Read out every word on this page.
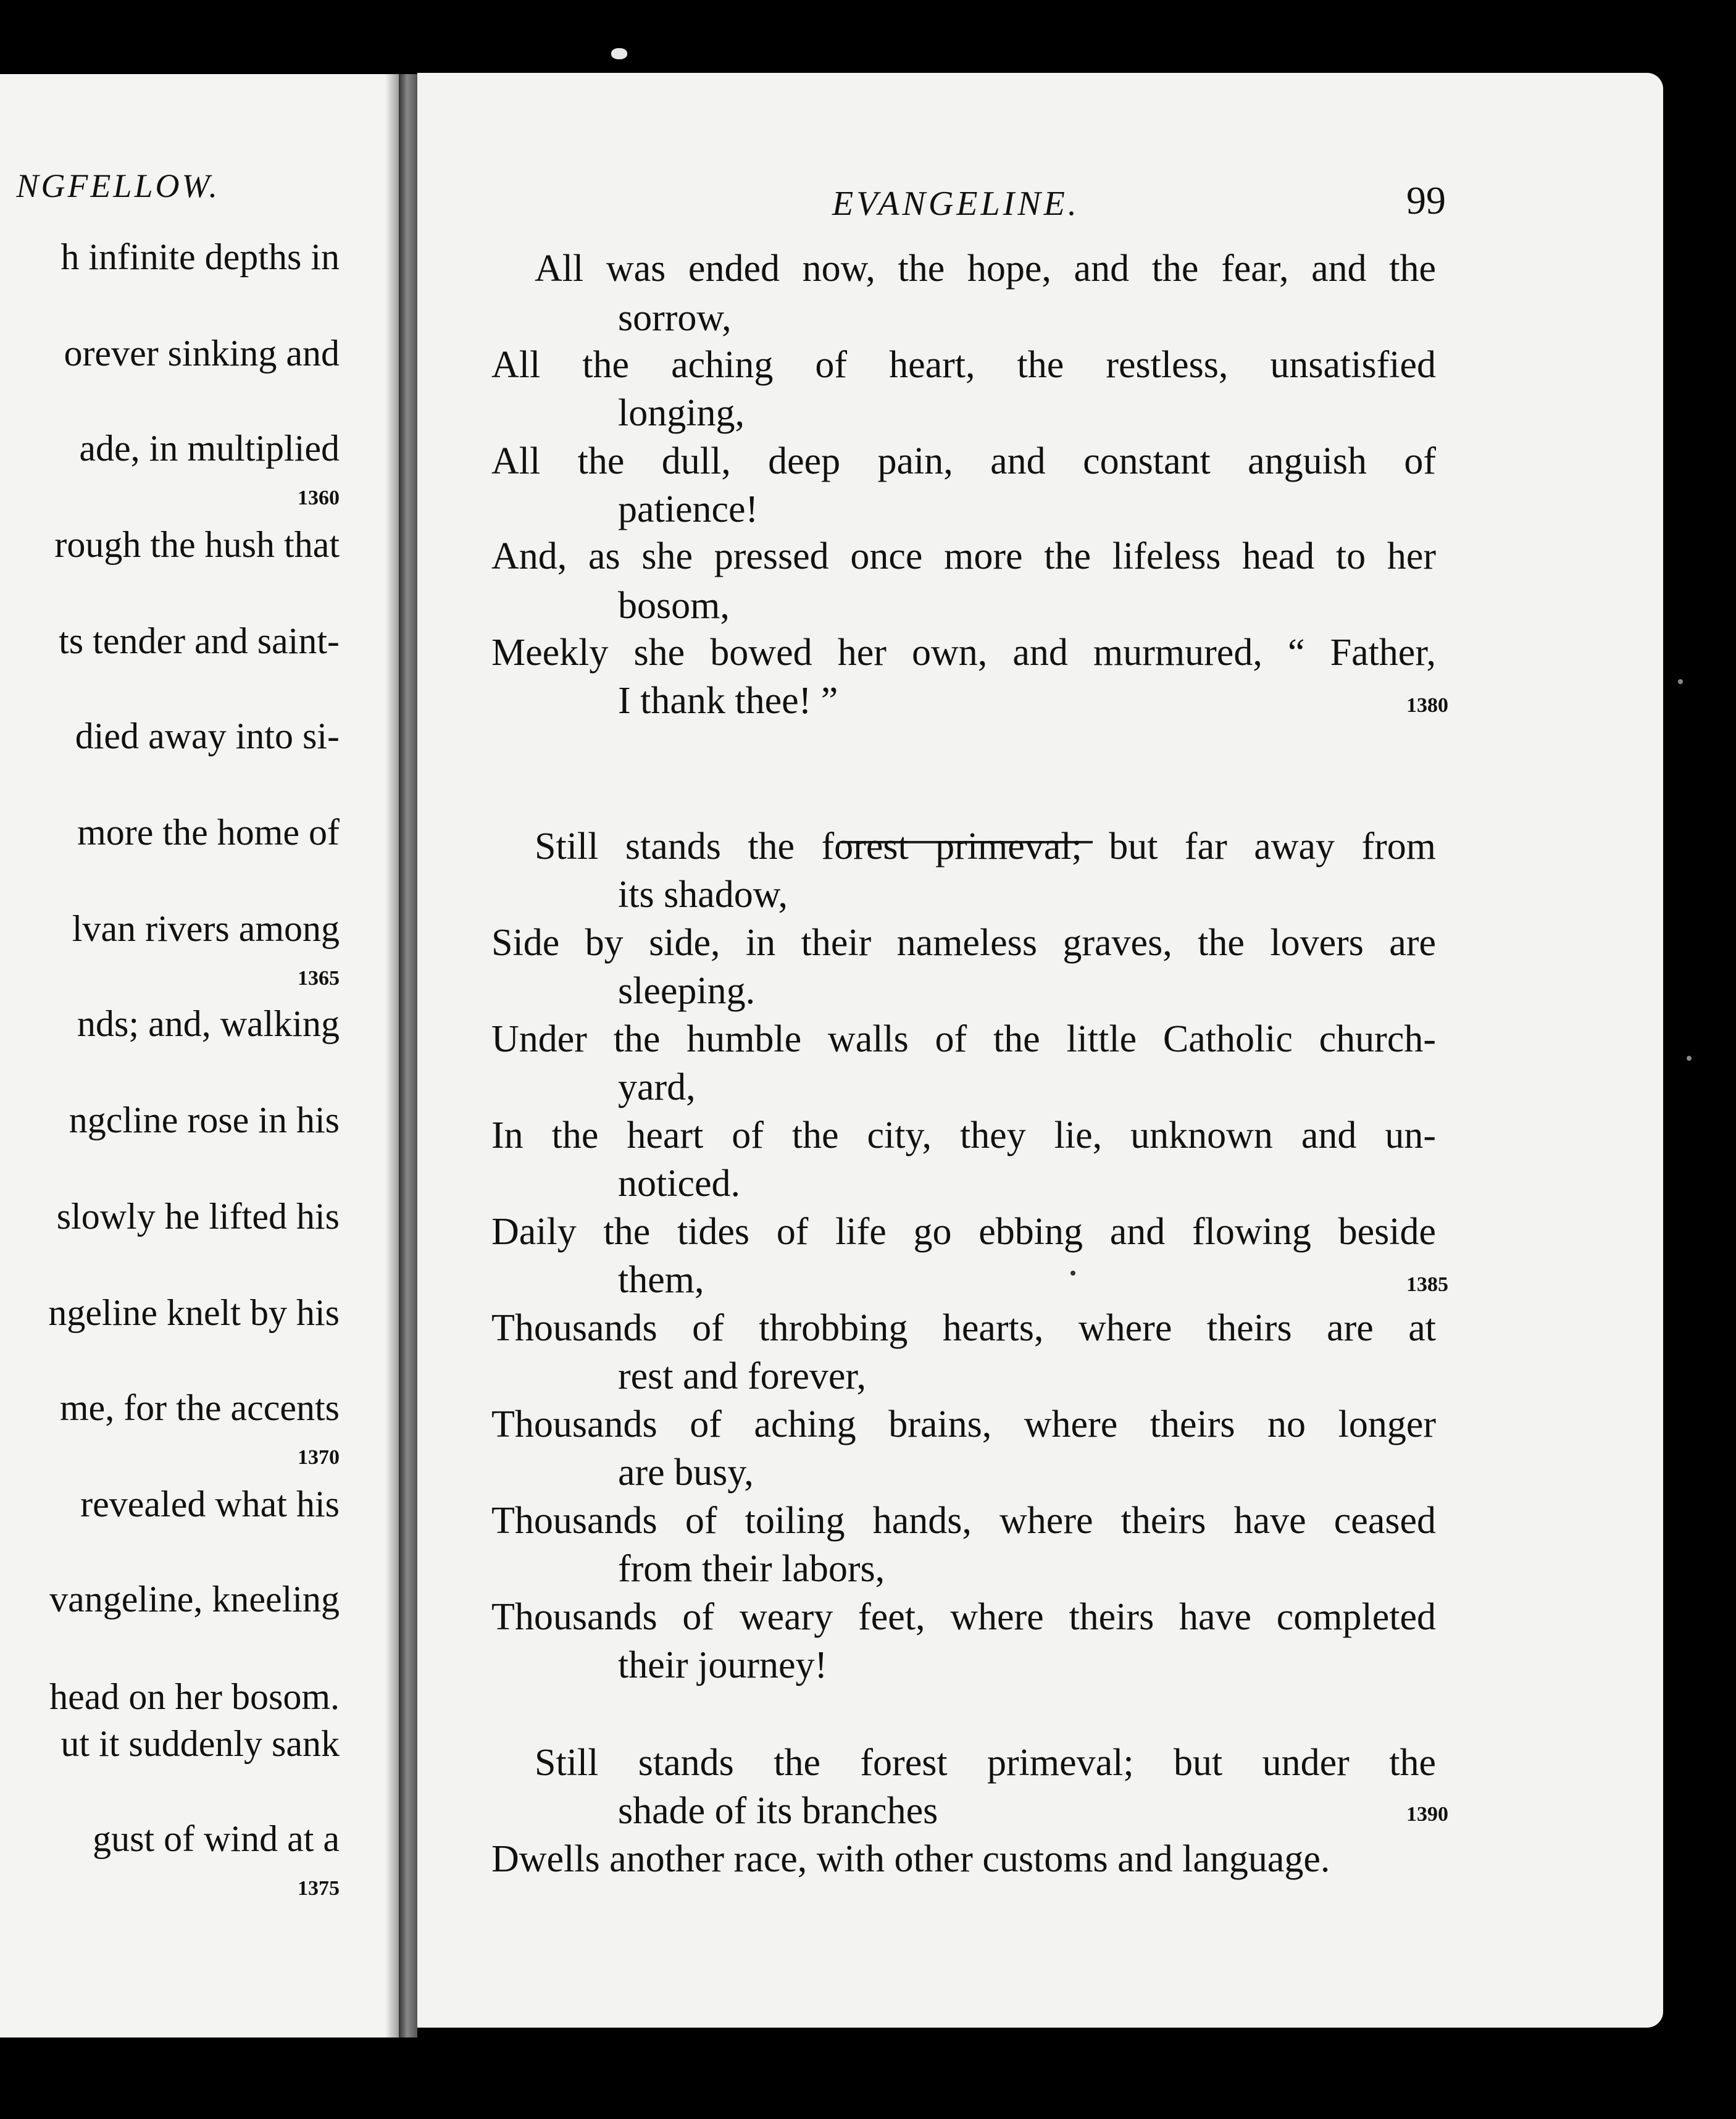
NGFELLOW.
h infinite depths in
orever sinking and
ade, in multiplied
1360
rough the hush that
ts tender and saint-
died away into si-
more the home of
lvan rivers among
1365
nds; and, walking
ngcline rose in his
slowly he lifted his
ngeline knelt by his
me, for the accents
1370
revealed what his
vangeline, kneeling
head on her bosom.
ut it suddenly sank
gust of wind at a
1375
EVANGELINE.	99
All was ended now, the hope, and the fear, and the
sorrow,
All the aching of heart, the restless, unsatisfied
longing,
All the dull, deep pain, and constant anguish of
patience!
And, as she pressed once more the lifeless head to her
bosom,
Meekly she bowed her own, and murmured, “ Father,
I thank thee! ”	1380
Still stands the forest primeval; but far away from
its shadow,
Side by side, in their nameless graves, the lovers are
sleeping.
Under the humble walls of the little Catholic church-
yard,
In the heart of the city, they lie, unknown and un-
noticed.
Daily the tides of life go ebbing and flowing beside
them,	1385
Thousands of throbbing hearts, where theirs are at
rest and forever,
Thousands of aching brains, where theirs no longer
are busy,
Thousands of toiling hands, where theirs have ceased
from their labors,
Thousands of weary feet, where theirs have completed
their journey!
Still stands the forest primeval; but under the
shade of its branches	1390
Dwells another race, with other customs and language.
